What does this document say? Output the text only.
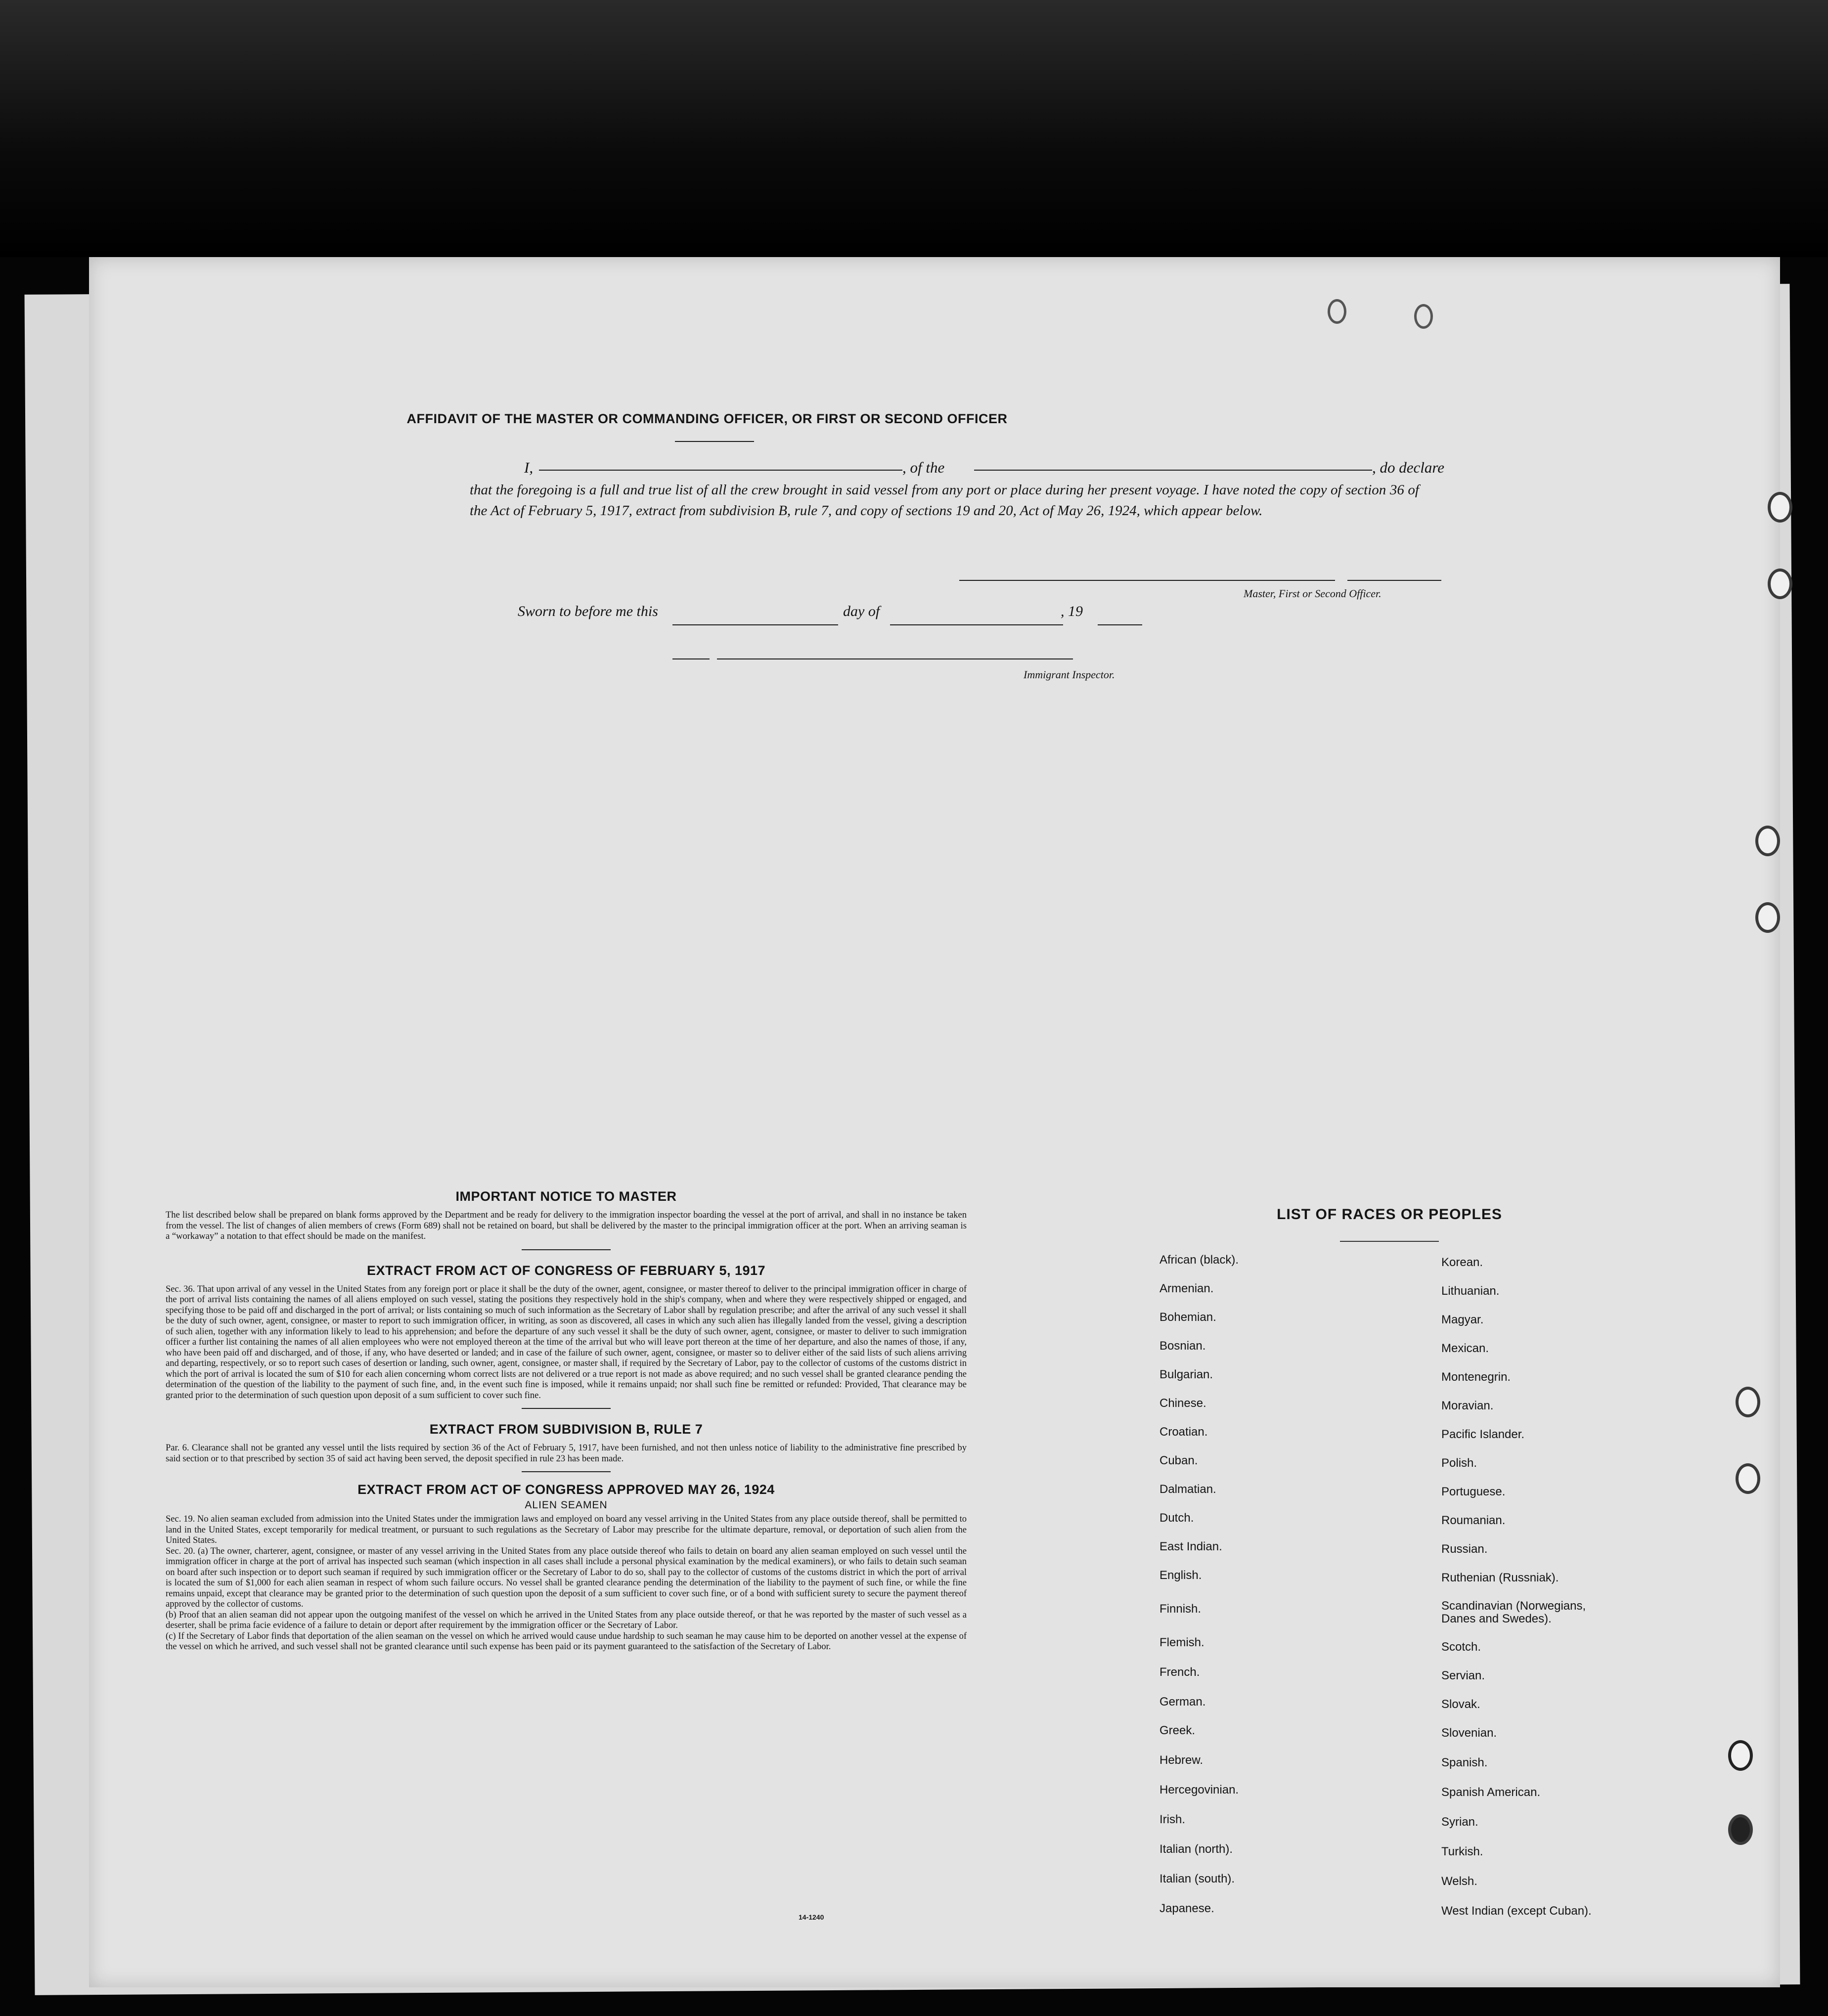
AFFIDAVIT OF THE MASTER OR COMMANDING OFFICER, OR FIRST OR SECOND OFFICER
I,	, of the	, do declare
that the foregoing is a full and true list of all the crew brought in said vessel from any port or place during her present voyage. I have noted the copy of section 36 of the Act of February 5, 1917, extract from subdivision B, rule 7, and copy of sections 19 and 20, Act of May 26, 1924, which appear below.
Master, First or Second Officer.
Sworn to before me this	day of	, 19
Immigrant Inspector.
IMPORTANT NOTICE TO MASTER

The list described below shall be prepared on blank forms approved by the Department and be ready for delivery to the immigration inspector boarding the vessel at the port of arrival, and shall in no instance be taken from the vessel. The list of changes of alien members of crews (Form 689) shall not be retained on board, but shall be delivered by the master to the principal immigration officer at the port. When an arriving seaman is a “workaway” a notation to that effect should be made on the manifest.

EXTRACT FROM ACT OF CONGRESS OF FEBRUARY 5, 1917

Sec. 36. That upon arrival of any vessel in the United States from any foreign port or place it shall be the duty of the owner, agent, consignee, or master thereof to deliver to the principal immigration officer in charge of the port of arrival lists containing the names of all aliens employed on such vessel, stating the positions they respectively hold in the ship's company, when and where they were respectively shipped or engaged, and specifying those to be paid off and discharged in the port of arrival; or lists containing so much of such information as the Secretary of Labor shall by regulation prescribe; and after the arrival of any such vessel it shall be the duty of such owner, agent, consignee, or master to report to such immigration officer, in writing, as soon as discovered, all cases in which any such alien has illegally landed from the vessel, giving a description of such alien, together with any information likely to lead to his apprehension; and before the departure of any such vessel it shall be the duty of such owner, agent, consignee, or master to deliver to such immigration officer a further list containing the names of all alien employees who were not employed thereon at the time of the arrival but who will leave port thereon at the time of her departure, and also the names of those, if any, who have been paid off and discharged, and of those, if any, who have deserted or landed; and in case of the failure of such owner, agent, consignee, or master so to deliver either of the said lists of such aliens arriving and departing, respectively, or so to report such cases of desertion or landing, such owner, agent, consignee, or master shall, if required by the Secretary of Labor, pay to the collector of customs of the customs district in which the port of arrival is located the sum of $10 for each alien concerning whom correct lists are not delivered or a true report is not made as above required; and no such vessel shall be granted clearance pending the determination of the question of the liability to the payment of such fine, and, in the event such fine is imposed, while it remains unpaid; nor shall such fine be remitted or refunded: Provided, That clearance may be granted prior to the determination of such question upon deposit of a sum sufficient to cover such fine.

EXTRACT FROM SUBDIVISION B, RULE 7

Par. 6. Clearance shall not be granted any vessel until the lists required by section 36 of the Act of February 5, 1917, have been furnished, and not then unless notice of liability to the administrative fine prescribed by said section or to that prescribed by section 35 of said act having been served, the deposit specified in rule 23 has been made.

EXTRACT FROM ACT OF CONGRESS APPROVED MAY 26, 1924
ALIEN SEAMEN

Sec. 19. No alien seaman excluded from admission into the United States under the immigration laws and employed on board any vessel arriving in the United States from any place outside thereof, shall be permitted to land in the United States, except temporarily for medical treatment, or pursuant to such regulations as the Secretary of Labor may prescribe for the ultimate departure, removal, or deportation of such alien from the United States.

Sec. 20. (a) The owner, charterer, agent, consignee, or master of any vessel arriving in the United States from any place outside thereof who fails to detain on board any alien seaman employed on such vessel until the immigration officer in charge at the port of arrival has inspected such seaman (which inspection in all cases shall include a personal physical examination by the medical examiners), or who fails to detain such seaman on board after such inspection or to deport such seaman if required by such immigration officer or the Secretary of Labor to do so, shall pay to the collector of customs of the customs district in which the port of arrival is located the sum of $1,000 for each alien seaman in respect of whom such failure occurs. No vessel shall be granted clearance pending the determination of the liability to the payment of such fine, or while the fine remains unpaid, except that clearance may be granted prior to the determination of such question upon the deposit of a sum sufficient to cover such fine, or of a bond with sufficient surety to secure the payment thereof approved by the collector of customs.

(b) Proof that an alien seaman did not appear upon the outgoing manifest of the vessel on which he arrived in the United States from any place outside thereof, or that he was reported by the master of such vessel as a deserter, shall be prima facie evidence of a failure to detain or deport after requirement by the immigration officer or the Secretary of Labor.

(c) If the Secretary of Labor finds that deportation of the alien seaman on the vessel on which he arrived would cause undue hardship to such seaman he may cause him to be deported on another vessel at the expense of the vessel on which he arrived, and such vessel shall not be granted clearance until such expense has been paid or its payment guaranteed to the satisfaction of the Secretary of Labor.

14-1240
LIST OF RACES OR PEOPLES
African (black).
Armenian.
Bohemian.
Bosnian.
Bulgarian.
Chinese.
Croatian.
Cuban.
Dalmatian.
Dutch.
East Indian.
English.
Finnish.
Flemish.
French.
German.
Greek.
Hebrew.
Hercegovinian.
Irish.
Italian (north).
Italian (south).
Japanese.
Korean.
Lithuanian.
Magyar.
Mexican.
Montenegrin.
Moravian.
Pacific Islander.
Polish.
Portuguese.
Roumanian.
Russian.
Ruthenian (Russniak).
Scandinavian (Norwegians, Danes and Swedes).
Scotch.
Servian.
Slovak.
Slovenian.
Spanish.
Spanish American.
Syrian.
Turkish.
Welsh.
West Indian (except Cuban).
